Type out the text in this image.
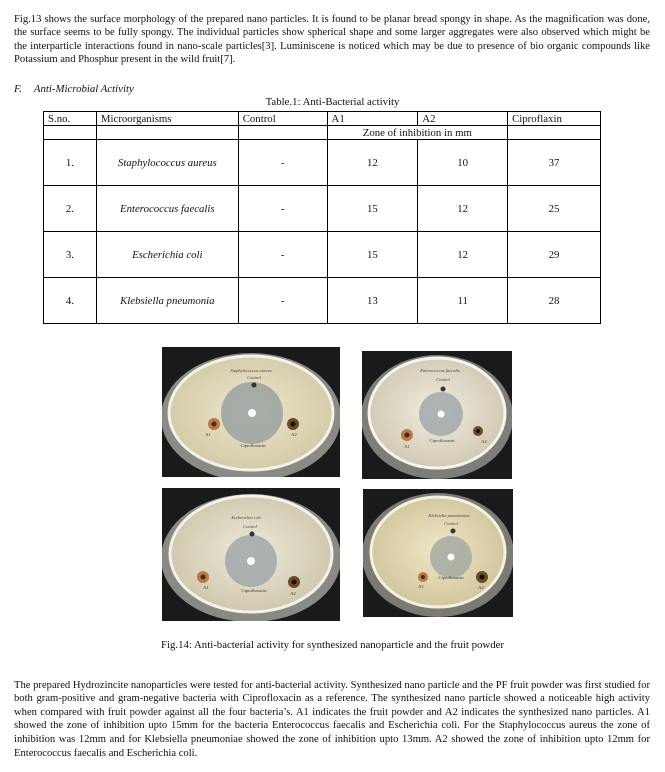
Fig.13 shows the surface morphology of the prepared nano particles. It is found to be planar bread spongy in shape. As the magnification was done, the surface seems to be fully spongy. The individual particles show spherical shape and some larger aggregates were also observed which might be the interparticle interactions found in nano-scale particles[3]. Luminiscene is noticed which may be due to presence of bio organic compounds like Potassium and Phosphur present in the wild fruit[7].

F. Anti-Microbial Activity
Table.1: Anti-Bacterial activity
S.no.	Microorganisms	Control	A1	A2	Ciproflaxin
			Zone of inhibition in mm		
1.	Staphylococcus aureus	-	12	10	37
2.	Enterococcus faecalis	-	15	12	25
3.	Escherichia coli	-	15	12	29
4.	Klebsiella pneumonia	-	13	11	28
Staphylococcus aureus
Control
A1	A2
Ciprofloxacin
Enterococcus faecalis
Control
A1
A2
Ciprofloxacin
Escherichia coli
Control
A1
A2
Ciprofloxacin
Klebsiella pneumoniae
Control
A1	A2
Ciprofloxacin
Fig.14: Anti-bacterial activity for synthesized nanoparticle and the fruit powder

The prepared Hydrozincite nanoparticles were tested for anti-bacterial activity. Synthesized nano particle and the PF fruit powder was first studied for both gram-positive and gram-negative bacteria with Ciprofloxacin as a reference. The synthesized nano particle showed a noticeable high activity when compared with fruit powder against all the four bacteria’s. A1 indicates the fruit powder and A2 indicates the synthesized nano particles. A1 showed the zone of inhibition upto 15mm for the bacteria Enterococcus faecalis and Escherichia coli. For the Staphylococcus aureus the zone of inhibition was 12mm and for Klebsiella pneumoniae showed the zone of inhibition upto 13mm. A2 showed the zone of inhibition upto 12mm for Enterococcus faecalis and Escherichia coli.
